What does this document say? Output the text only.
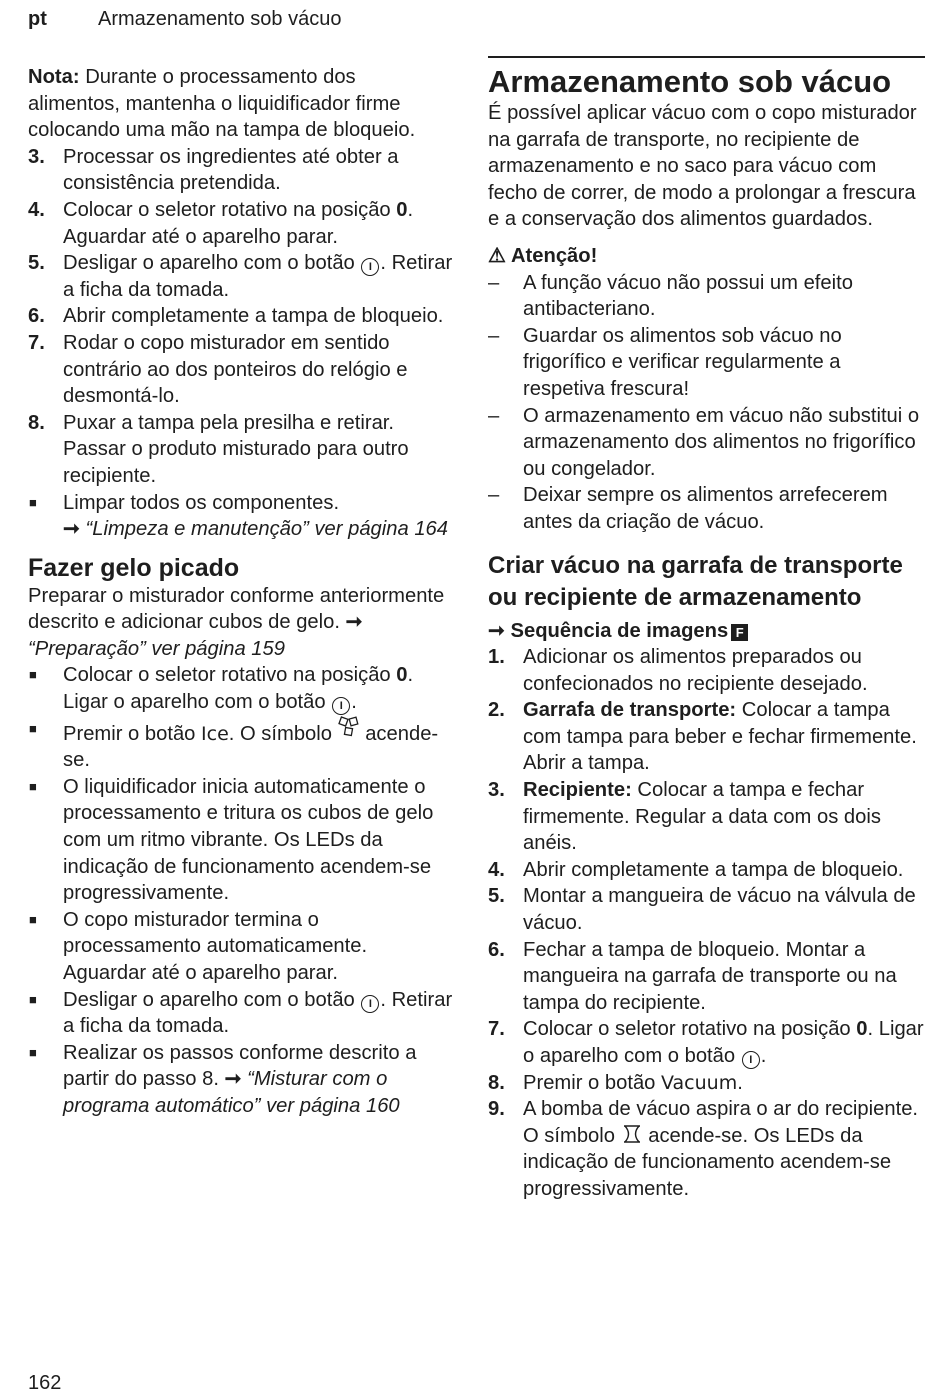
pt	Armazenamento sob vácuo

Nota: Durante o processamento dos alimentos, mantenha o liquidificador firme colocando uma mão na tampa de bloqueio.

3. Processar os ingredientes até obter a consistência pretendida.
4. Colocar o seletor rotativo na posição 0. Aguardar até o aparelho parar.
5. Desligar o aparelho com o botão I . Retirar a ficha da tomada.
6. Abrir completamente a tampa de bloqueio.
7. Rodar o copo misturador em sentido contrário ao dos ponteiros do relógio e desmontá-lo.
8. Puxar a tampa pela presilha e retirar. Passar o produto misturado para outro recipiente.
■ Limpar todos os componentes.
➞ “Limpeza e manutenção” ver página 164
Fazer gelo picado

Preparar o misturador conforme anteriormente descrito e adicionar cubos de gelo. ➞ “Preparação” ver página 159

■ Colocar o seletor rotativo na posição 0. Ligar o aparelho com o botão I .
■ Premir o botão Ice. O símbolo  acende-se.
■ O liquidificador inicia automaticamente o processamento e tritura os cubos de gelo com um ritmo vibrante. Os LEDs da indicação de funcionamento acendem-se progressivamente.
■ O copo misturador termina o processamento automaticamente. Aguardar até o aparelho parar.
■ Desligar o aparelho com o botão I . Retirar a ficha da tomada.
■ Realizar os passos conforme descrito a partir do passo 8. ➞ “Misturar com o programa automático” ver página 160
Armazenamento sob vácuo

É possível aplicar vácuo com o copo misturador na garrafa de transporte, no recipiente de armazenamento e no saco para vácuo com fecho de correr, de modo a prolongar a frescura e a conservação dos alimentos guardados.

⚠ Atenção!

– A função vácuo não possui um efeito antibacteriano.
– Guardar os alimentos sob vácuo no frigorífico e verificar regularmente a respetiva frescura!
– O armazenamento em vácuo não substitui o armazenamento dos alimentos no frigorífico ou congelador.
– Deixar sempre os alimentos arrefecerem antes da criação de vácuo.
Criar vácuo na garrafa de transporte ou recipiente de armazenamento

➞ Sequência de imagens F

1. Adicionar os alimentos preparados ou confecionados no recipiente desejado.
2. Garrafa de transporte: Colocar a tampa com tampa para beber e fechar firmemente. Abrir a tampa.
3. Recipiente: Colocar a tampa e fechar firmemente. Regular a data com os dois anéis.
4. Abrir completamente a tampa de bloqueio.
5. Montar a mangueira de vácuo na válvula de vácuo.
6. Fechar a tampa de bloqueio. Montar a mangueira na garrafa de transporte ou na tampa do recipiente.
7. Colocar o seletor rotativo na posição 0. Ligar o aparelho com o botão I .
8. Premir o botão Vacuum.
9. A bomba de vácuo aspira o ar do recipiente. O símbolo  acende-se. Os LEDs da indicação de funcionamento acendem-se progressivamente.
162
